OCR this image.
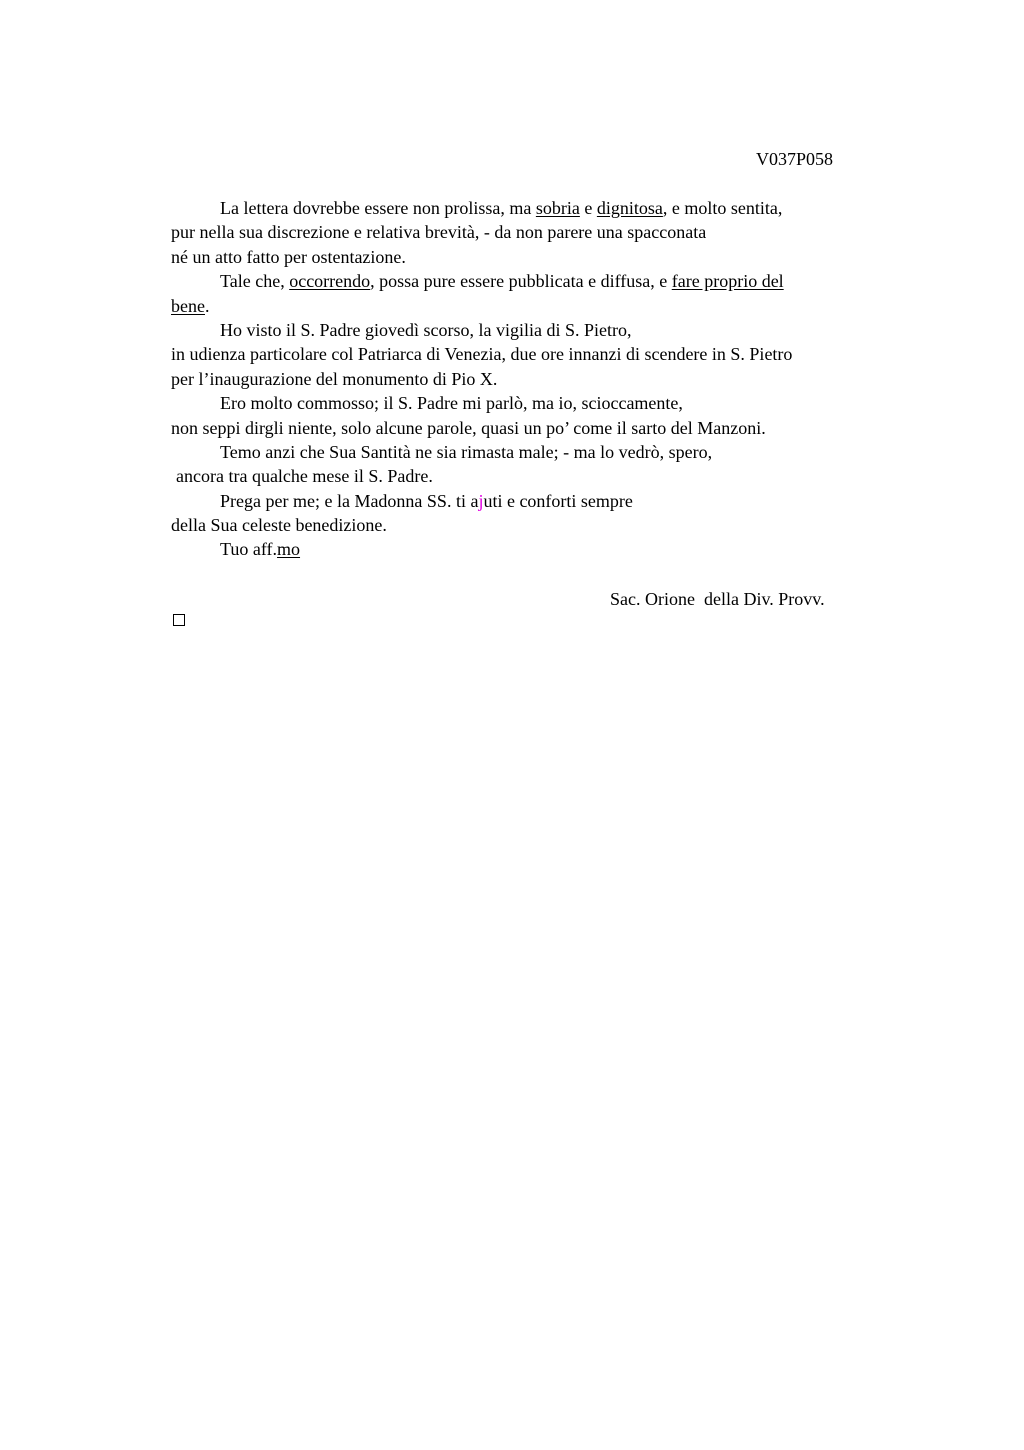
V037P058
La lettera dovrebbe essere non prolissa, ma sobria e dignitosa, e molto sentita,
pur nella sua discrezione e relativa brevità, - da non parere una spacconata
né un atto fatto per ostentazione.
Tale che, occorrendo, possa pure essere pubblicata e diffusa, e fare proprio del
bene.
Ho visto il S. Padre giovedì scorso, la vigilia di S. Pietro,
in udienza particolare col Patriarca di Venezia, due ore innanzi di scendere in S. Pietro
per l’inaugurazione del monumento di Pio X.
Ero molto commosso; il S. Padre mi parlò, ma io, scioccamente,
non seppi dirgli niente, solo alcune parole, quasi un po’ come il sarto del Manzoni.
Temo anzi che Sua Santità ne sia rimasta male; - ma lo vedrò, spero,
ancora tra qualche mese il S. Padre.
Prega per me; e la Madonna SS. ti ajuti e conforti sempre
della Sua celeste benedizione.
Tuo aff.mo
Sac. Orione  della Div. Provv.
